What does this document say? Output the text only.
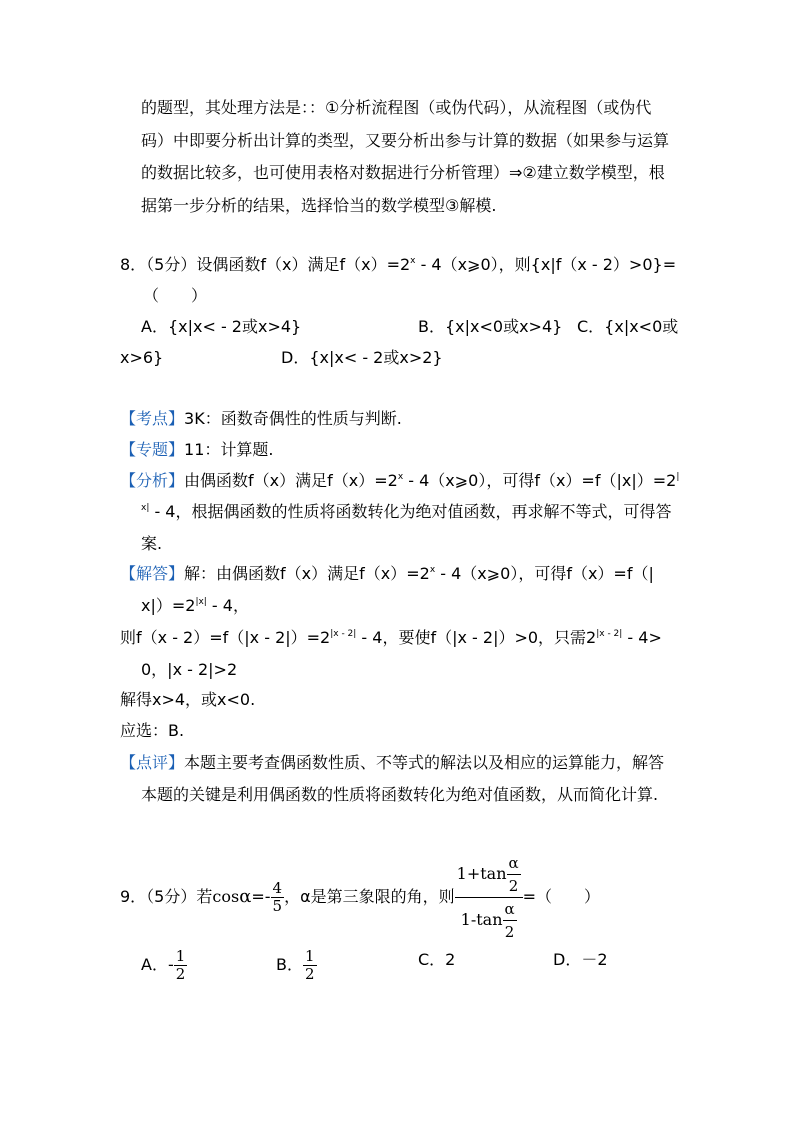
的题型，其处理方法是：：①分析流程图（或伪代码），从流程图（或伪代
码）中即要分析出计算的类型，又要分析出参与计算的数据（如果参与运算
的数据比较多，也可使用表格对数据进行分析管理）⇒②建立数学模型，根
据第一步分析的结果，选择恰当的数学模型③解模.
8．（5分）设偶函数f（x）满足$f(x)=2^x$ - 4（x⩾0），则{x|f（x - 2）>0}=
（　　）
A．{x|x< - 2或x>4}	B．{x|x<0或x>4} C．{x|x<0或
x>6}	D．{x|x< - 2或x>2}
【考点】3K：函数奇偶性的性质与判断.
【专题】11：计算题.
【分析】由偶函数f（x）满足$f(x)=2^x$ - 4（x⩾0），可得f（x）=f（|x|）=2|
$^{x|}$ - 4，根据偶函数的性质将函数转化为绝对值函数，再求解不等式，可得答
案.
【解答】解：由偶函数f（x）满足$f(x)=2^x$ - 4（x⩾0），可得f（x）=f（|
$x|)=2^{|x|} - 4$，
则$f(x - 2)=f(|x - 2|)=2^{|x - 2|} - 4$，要使f（|x - 2|）>0，只需$2^{|x - 2|} - 4>$
0，|x - 2|>2
解得x>4，或x<0.
应选：B.
【点评】本题主要考查偶函数性质、不等式的解法以及相应的运算能力，解答
本题的关键是利用偶函数的性质将函数转化为绝对值函数，从而简化计算.
9．（5分）若$\cos\alpha=- \frac{4}{5}$ ，α是第三象限的角，则 $\frac{1+\tan \frac{\alpha}{2}}{1-\tan \frac{\alpha}{2}}$ =（　　）
A．- $\frac{1}{2}$	B． $\frac{1}{2}$	C．2	D．－2
